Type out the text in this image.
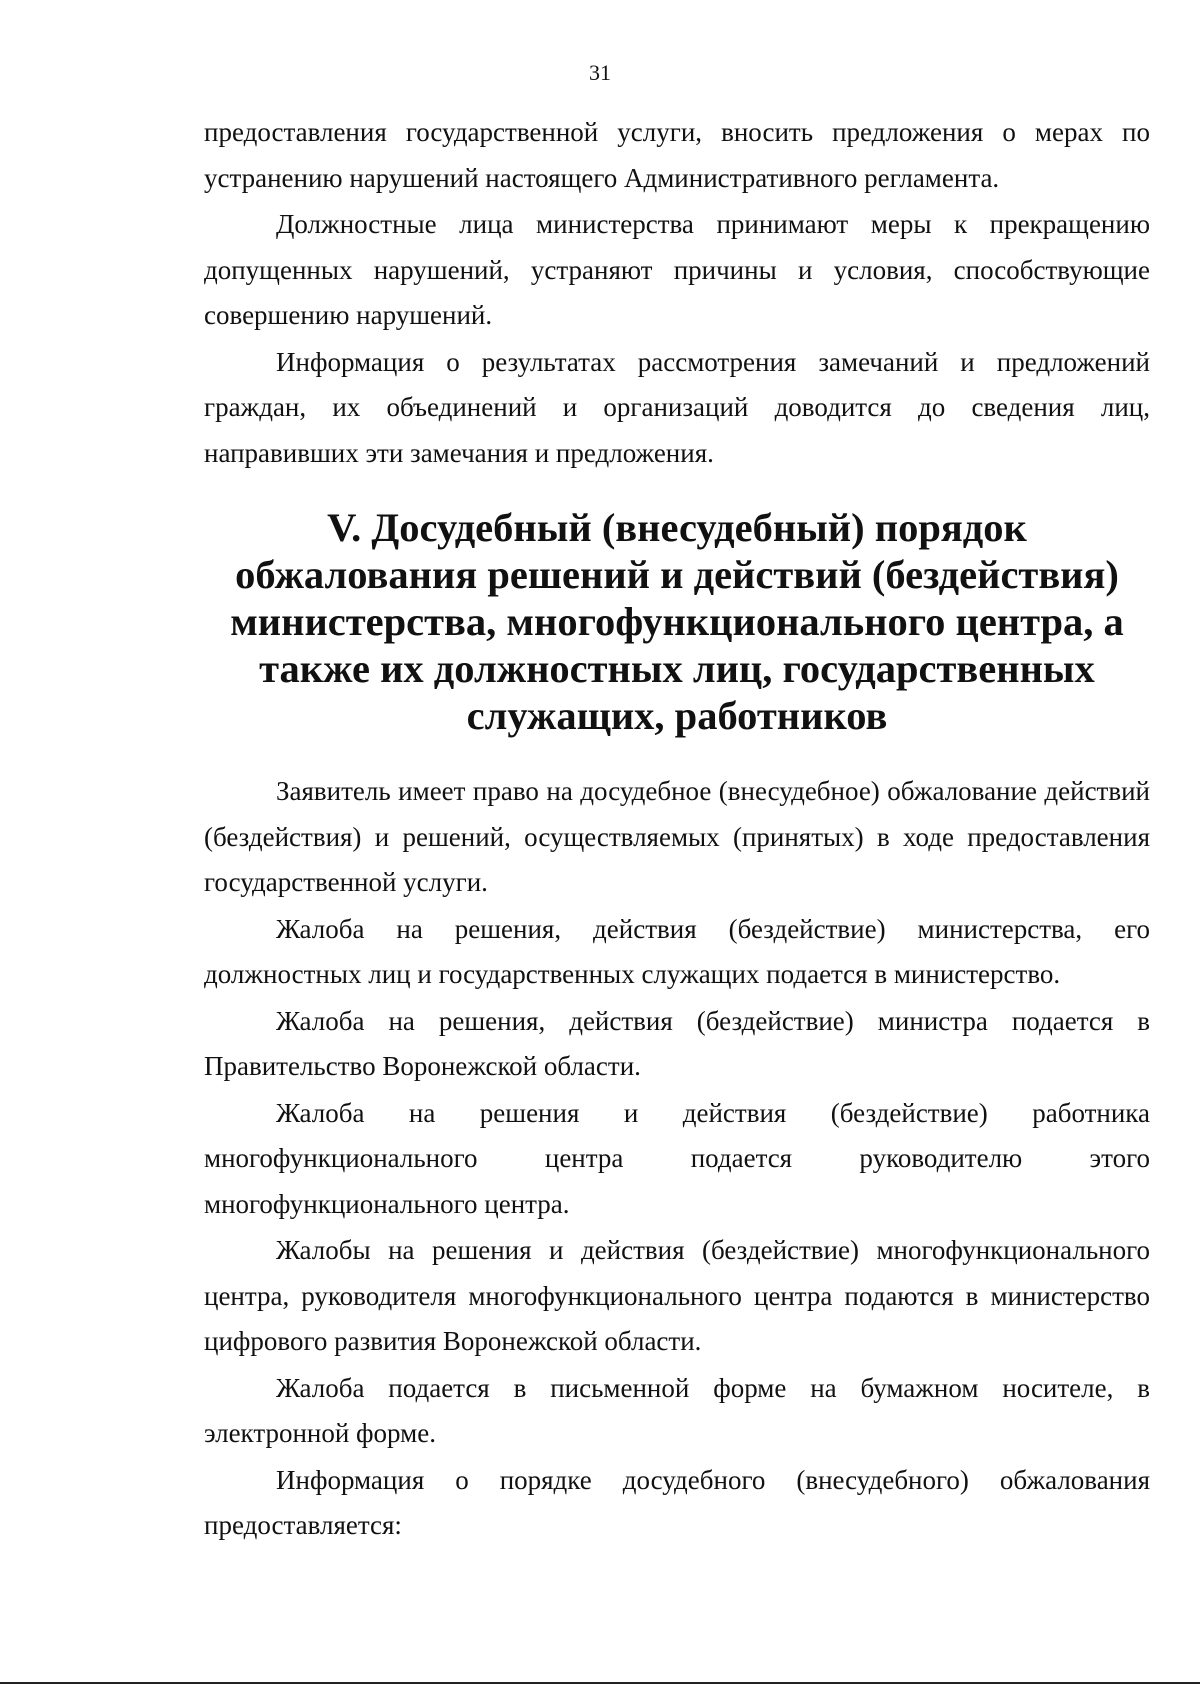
31

предоставления государственной услуги, вносить предложения о мерах по устранению нарушений настоящего Административного регламента.

Должностные лица министерства принимают меры к прекращению допущенных нарушений, устраняют причины и условия, способствующие совершению нарушений.

Информация о результатах рассмотрения замечаний и предложений граждан, их объединений и организаций доводится до сведения лиц, направивших эти замечания и предложения.

V. Досудебный (внесудебный) порядок обжалования решений и действий (бездействия) министерства, многофункционального центра, а также их должностных лиц, государственных служащих, работников

Заявитель имеет право на досудебное (внесудебное) обжалование действий (бездействия) и решений, осуществляемых (принятых) в ходе предоставления государственной услуги.

Жалоба на решения, действия (бездействие) министерства, его должностных лиц и государственных служащих подается в министерство.

Жалоба на решения, действия (бездействие) министра подается в Правительство Воронежской области.

Жалоба на решения и действия (бездействие) работника многофункционального центра подается руководителю этого многофункционального центра.

Жалобы на решения и действия (бездействие) многофункционального центра, руководителя многофункционального центра подаются в министерство цифрового развития Воронежской области.

Жалоба подается в письменной форме на бумажном носителе, в электронной форме.

Информация о порядке досудебного (внесудебного) обжалования предоставляется:
